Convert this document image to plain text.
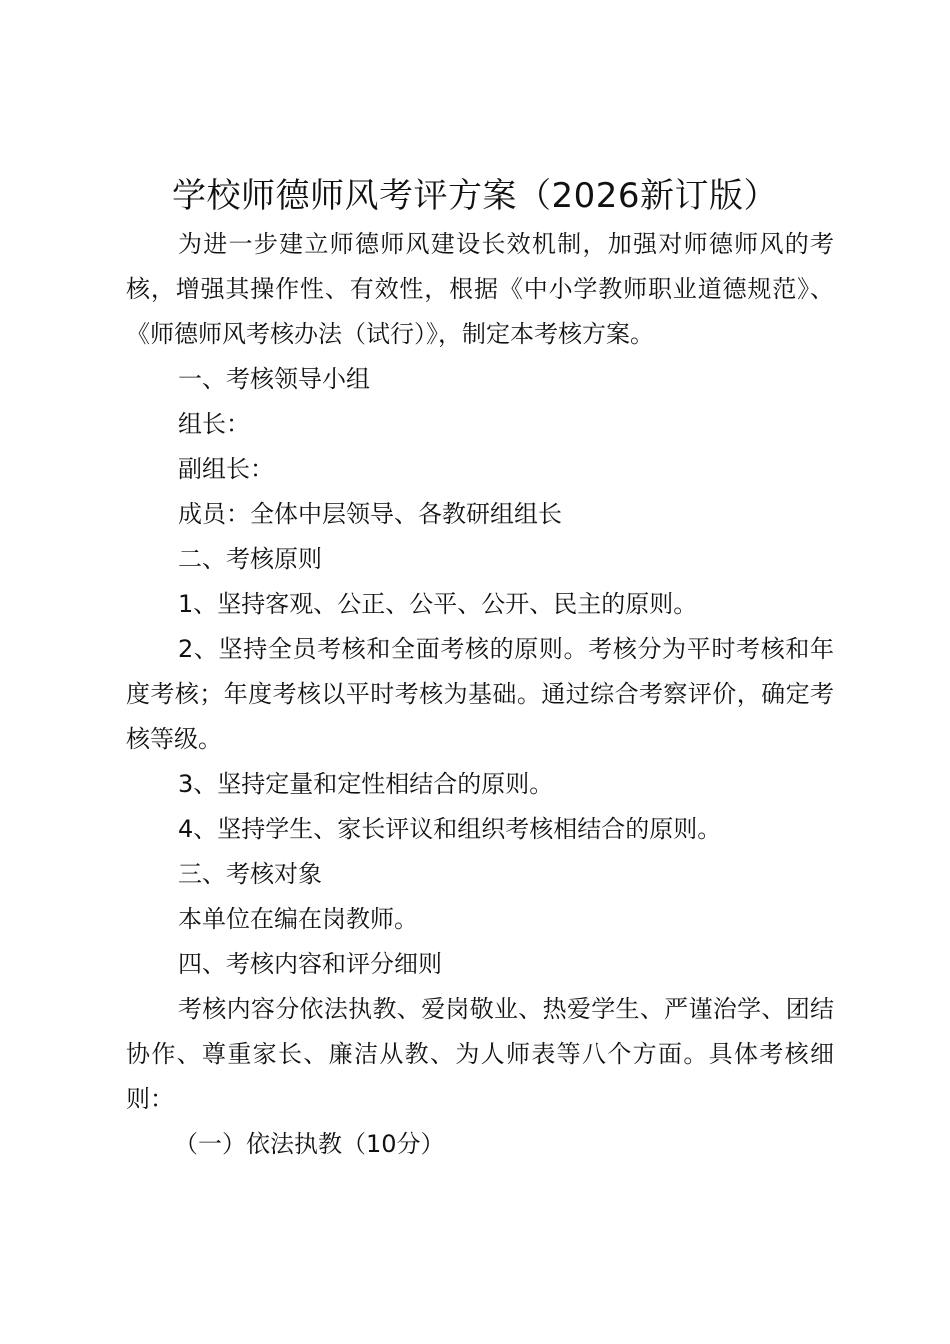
学校师德师风考评方案（2026新订版）

为进一步建立师德师风建设长效机制，加强对师德师风的考核，增强其操作性、有效性，根据《中小学教师职业道德规范》、《师德师风考核办法（试行）》，制定本考核方案。

一、考核领导小组

组长：

副组长：

成员：全体中层领导、各教研组组长

二、考核原则

1、坚持客观、公正、公平、公开、民主的原则。

2、坚持全员考核和全面考核的原则。考核分为平时考核和年度考核；年度考核以平时考核为基础。通过综合考察评价，确定考核等级。

3、坚持定量和定性相结合的原则。

4、坚持学生、家长评议和组织考核相结合的原则。

三、考核对象

本单位在编在岗教师。

四、考核内容和评分细则

考核内容分依法执教、爱岗敬业、热爱学生、严谨治学、团结协作、尊重家长、廉洁从教、为人师表等八个方面。具体考核细则：

（一）依法执教（10分）
